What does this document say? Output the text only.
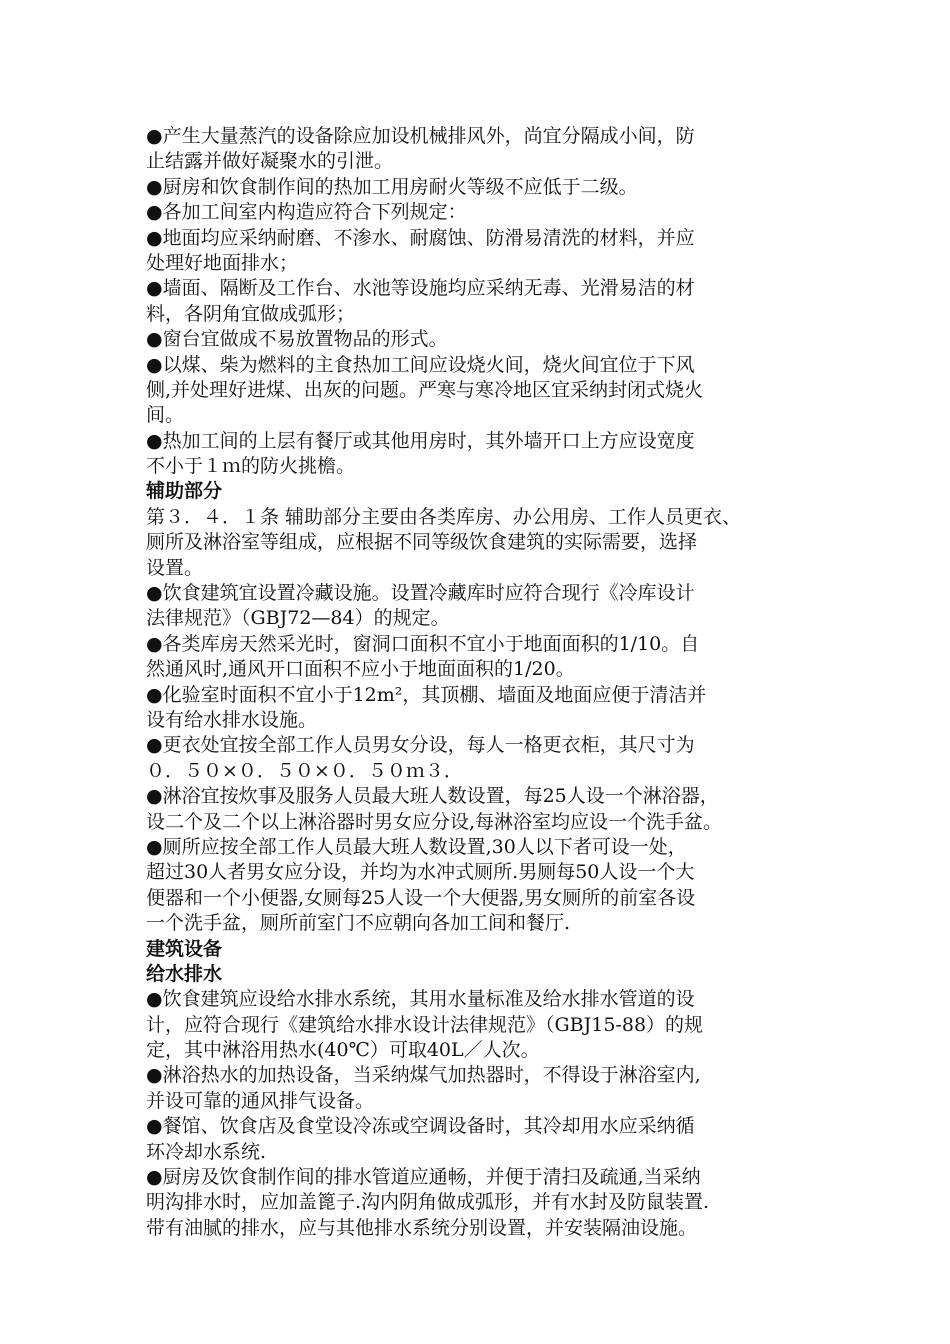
●产生大量蒸汽的设备除应加设机械排风外，尚宜分隔成小间，防
止结露并做好凝聚水的引泄。
●厨房和饮食制作间的热加工用房耐火等级不应低于二级。
●各加工间室内构造应符合下列规定：
●地面均应采纳耐磨、不渗水、耐腐蚀、防滑易清洗的材料，并应
处理好地面排水；
●墙面、隔断及工作台、水池等设施均应采纳无毒、光滑易洁的材
料，各阴角宜做成弧形；
●窗台宜做成不易放置物品的形式。
●以煤、柴为燃料的主食热加工间应设烧火间，烧火间宜位于下风
侧,并处理好进煤、出灰的问题。严寒与寒冷地区宜采纳封闭式烧火
间。
●热加工间的上层有餐厅或其他用房时，其外墙开口上方应设宽度
不小于１ｍ的防火挑檐。
辅助部分
第３．４．１条 辅助部分主要由各类库房、办公用房、工作人员更衣、
厕所及淋浴室等组成，应根据不同等级饮食建筑的实际需要，选择
设置。
●饮食建筑宜设置冷藏设施。设置冷藏库时应符合现行《冷库设计
法律规范》（GBJ72—84）的规定。
●各类库房天然采光时，窗洞口面积不宜小于地面面积的1/10。自
然通风时,通风开口面积不应小于地面面积的1/20。
●化验室时面积不宜小于12m²，其顶棚、墙面及地面应便于清洁并
设有给水排水设施。
●更衣处宜按全部工作人员男女分设，每人一格更衣柜，其尺寸为
０．５０×０．５０×０．５０ｍ３．
●淋浴宜按炊事及服务人员最大班人数设置，每25人设一个淋浴器，
设二个及二个以上淋浴器时男女应分设,每淋浴室均应设一个洗手盆。
●厕所应按全部工作人员最大班人数设置,30人以下者可设一处，
超过30人者男女应分设，并均为水冲式厕所.男厕每50人设一个大
便器和一个小便器,女厕每25人设一个大便器,男女厕所的前室各设
一个洗手盆，厕所前室门不应朝向各加工间和餐厅.
建筑设备
给水排水
●饮食建筑应设给水排水系统，其用水量标准及给水排水管道的设
计，应符合现行《建筑给水排水设计法律规范》（GBJ15-88）的规
定，其中淋浴用热水(40℃）可取40L／人次。
●淋浴热水的加热设备，当采纳煤气加热器时，不得设于淋浴室内,
并设可靠的通风排气设备。
●餐馆、饮食店及食堂设冷冻或空调设备时，其冷却用水应采纳循
环冷却水系统.
●厨房及饮食制作间的排水管道应通畅，并便于清扫及疏通,当采纳
明沟排水时，应加盖篦子.沟内阴角做成弧形，并有水封及防鼠装置.
带有油腻的排水，应与其他排水系统分别设置，并安装隔油设施。
